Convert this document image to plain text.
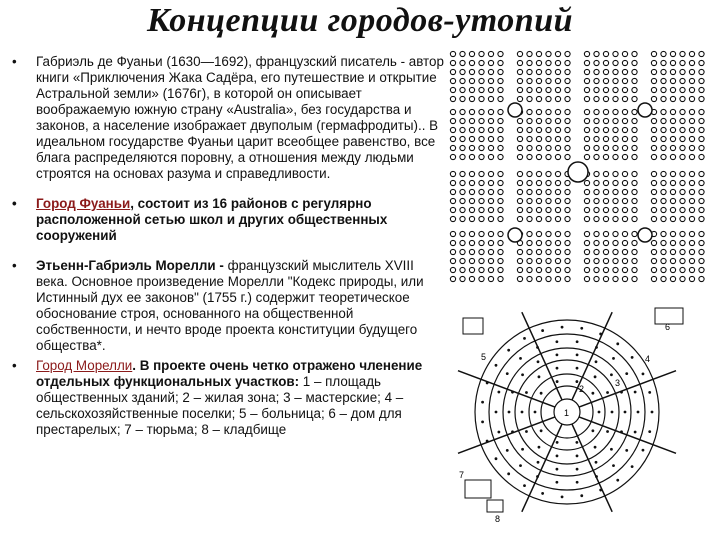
Концепции городов-утопий
• Габриэль де Фуаньи (1630—1692), французский писатель - автор книги «Приключения Жака Садёра, его путешествие и открытие Астральной земли» (1676г), в которой он описывает воображаемую южную страну «Australia», без государства и законов, а население изображает двуполым (гермафродиты).. В идеальном государстве Фуаньи царит всеобщее равенство, все блага распределяются поровну, а отношения между людьми строятся на основах разума и справедливости.
• Город Фуаньи, состоит из 16 районов с регулярно расположенной сетью школ и других общественных сооружений
• Этьенн-Габриэль Морелли - французский мыслитель XVIII века. Основное произведение Морелли "Кодекс природы, или Истинный дух ее законов" (1755 г.) содержит теоретическое обоснование строя, основанного на общественной собственности, и нечто вроде проекта конституции будущего общества*.
• Город Морелли. В проекте очень четко отражено членение отдельных функциональных участков: 1 – площадь общественных зданий; 2 – жилая зона; 3 – мастерские; 4 – сельскохозяйственные поселки; 5 – больница; 6 – дом для престарелых; 7 – тюрьма; 8 – кладбище
1
2
3
4
5
6
7
8
